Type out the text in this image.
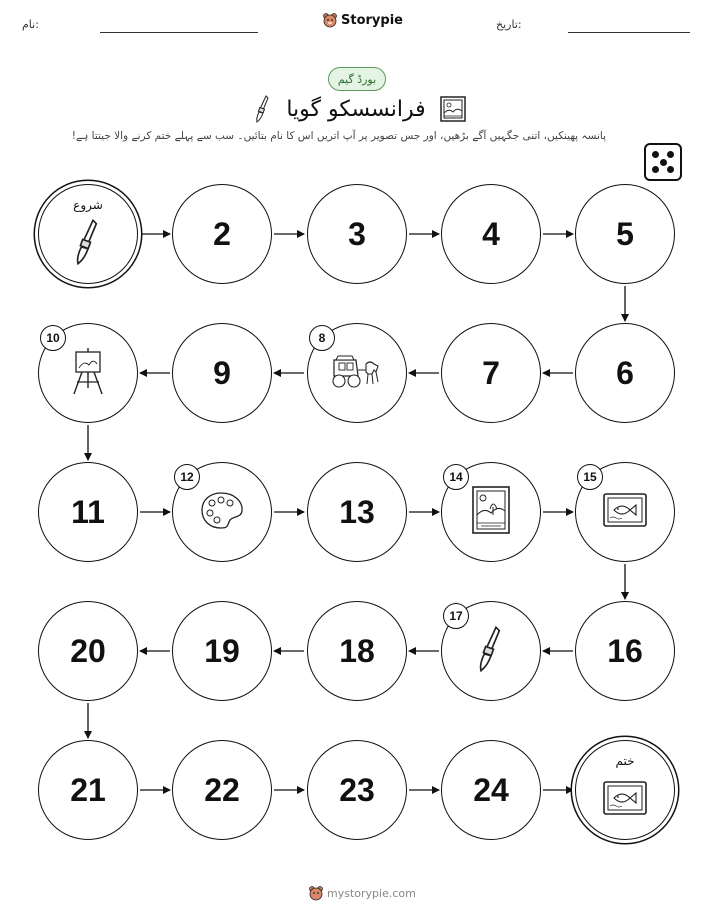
نام:	Storypie	تاریخ:
بورڈ گیم
فرانسسکو گویا
پانسہ پھینکیں، اتنی جگہیں آگے بڑھیں، اور جس تصویر پر آپ اتریں اس کا نام بتائیں۔ سب سے پہلے ختم کرنے والا جیتتا ہے!
شروع
2	3	4	5
6
7
8
9
10
11
12
13
14	15
16
17
18
19
20
21	22	23	24
ختم
mystorypie.com
